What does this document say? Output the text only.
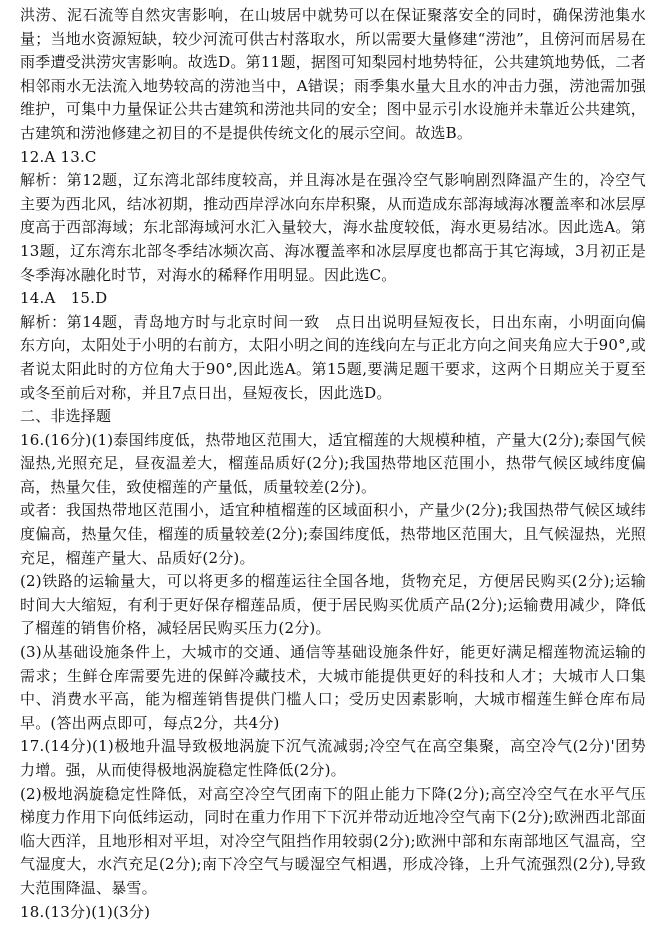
洪涝、泥石流等自然灾害影响，在山坡居中就势可以在保证聚落安全的同时，确保涝池集水量；当地水资源短缺，较少河流可供古村落取水，所以需要大量修建“涝池”，且傍河而居易在雨季遭受洪涝灾害影响。故选D。第11题，据图可知梨园村地势特征，公共建筑地势低，二者相邻雨水无法流入地势较高的涝池当中，A错误；雨季集水量大且水的冲击力强，涝池需加强维护，可集中力量保证公共古建筑和涝池共同的安全；图中显示引水设施并未靠近公共建筑，古建筑和涝池修建之初目的不是提供传统文化的展示空间。故选B。

12.A 13.C

解析：第12题，辽东湾北部纬度较高，并且海冰是在强冷空气影响剧烈降温产生的，冷空气主要为西北风，结冰初期，推动西岸浮冰向东岸积聚，从而造成东部海域海冰覆盖率和冰层厚度高于西部海域；东北部海域河水汇入量较大，海水盐度较低，海水更易结冰。因此选A。第13题，辽东湾东北部冬季结冰频次高、海冰覆盖率和冰层厚度也都高于其它海域，3月初正是冬季海冰融化时节，对海水的稀释作用明显。因此选C。

14.A　15.D

解析：第14题，青岛地方时与北京时间一致　点日出说明昼短夜长，日出东南，小明面向偏东方向，太阳处于小明的右前方，太阳小明之间的连线向左与正北方向之间夹角应大于90°,或者说太阳此时的方位角大于90°,因此选A。第15题,要满足题干要求，这两个日期应关于夏至或冬至前后对称，并且7点日出，昼短夜长，因此选D。

二、非选择题

16.(16分)(1)泰国纬度低，热带地区范围大，适宜榴莲的大规模种植，产量大(2分);泰国气候湿热,光照充足，昼夜温差大，榴莲品质好(2分);我国热带地区范围小，热带气候区域纬度偏高，热量欠佳，致使榴莲的产量低，质量较差(2分)。

或者：我国热带地区范围小，适宜种植榴莲的区域面积小，产量少(2分);我国热带气候区域纬度偏高，热量欠佳，榴莲的质量较差(2分);泰国纬度低，热带地区范围大，且气候湿热，光照充足，榴莲产量大、品质好(2分)。

(2)铁路的运输量大，可以将更多的榴莲运往全国各地，货物充足，方便居民购买(2分);运输时间大大缩短，有利于更好保存榴莲品质，便于居民购买优质产品(2分);运输费用减少，降低了榴莲的销售价格，减轻居民购买压力(2分)。

(3)从基础设施条件上，大城市的交通、通信等基础设施条件好，能更好满足榴莲物流运输的需求；生鲜仓库需要先进的保鲜冷藏技术，大城市能提供更好的科技和人才；大城市人口集中、消费水平高，能为榴莲销售提供门槛人口；受历史因素影响，大城市榴莲生鲜仓库布局早。(答出两点即可，每点2分，共4分)

17.(14分)(1)极地升温导致极地涡旋下沉气流减弱;冷空气在高空集聚，高空冷气(2分)'团势力增。强，从而使得极地涡旋稳定性降低(2分)。

(2)极地涡旋稳定性降低，对高空冷空气团南下的阻止能力下降(2分);高空冷空气在水平气压梯度力作用下向低纬运动，同时在重力作用下下沉并带动近地冷空气南下(2分);欧洲西北部面临大西洋，且地形相对平坦，对冷空气阻挡作用较弱(2分);欧洲中部和东南部地区气温高，空气湿度大，水汽充足(2分);南下冷空气与暖湿空气相遇，形成冷锋，上升气流强烈(2分),导致大范围降温、暴雪。

18.(13分)(1)(3分)
